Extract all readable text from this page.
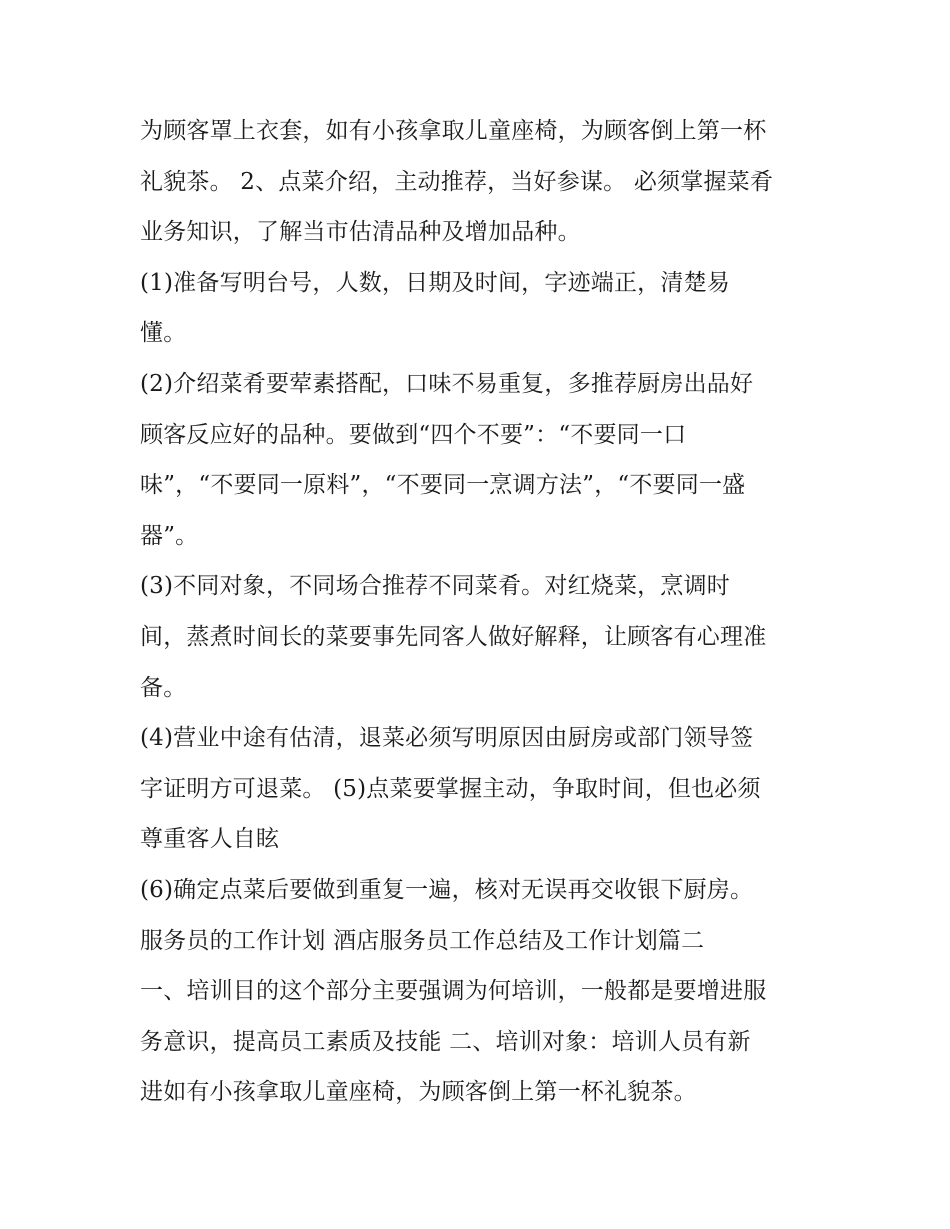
为顾客罩上衣套，如有小孩拿取儿童座椅，为顾客倒上第一杯
礼貌茶。 2、点菜介绍，主动推荐，当好参谋。 必须掌握菜肴
业务知识，了解当市估清品种及增加品种。
(1)准备写明台号，人数，日期及时间，字迹端正，清楚易
懂。
(2)介绍菜肴要荤素搭配，口味不易重复，多推荐厨房出品好
顾客反应好的品种。要做到“四个不要”：“不要同一口
味”，“不要同一原料”，“不要同一烹调方法”，“不要同一盛
器”。
(3)不同对象，不同场合推荐不同菜肴。对红烧菜，烹调时
间，蒸煮时间长的菜要事先同客人做好解释，让顾客有心理准
备。
(4)营业中途有估清，退菜必须写明原因由厨房或部门领导签
字证明方可退菜。 (5)点菜要掌握主动，争取时间，但也必须
尊重客人自眩
(6)确定点菜后要做到重复一遍，核对无误再交收银下厨房。
服务员的工作计划 酒店服务员工作总结及工作计划篇二
一、培训目的这个部分主要强调为何培训，一般都是要增进服
务意识，提高员工素质及技能 二、培训对象：培训人员有新
进如有小孩拿取儿童座椅，为顾客倒上第一杯礼貌茶。
